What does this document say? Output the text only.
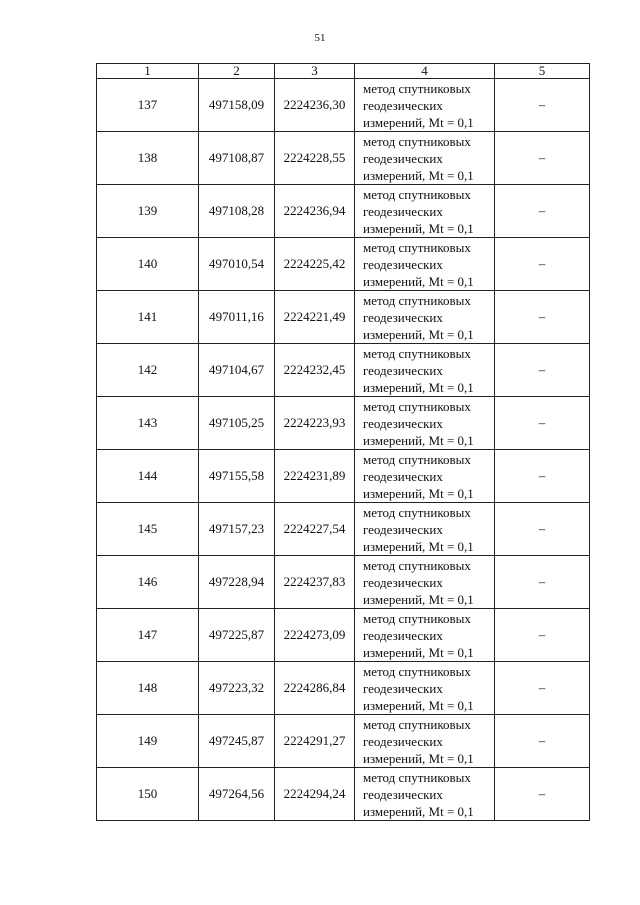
51
1	2	3	4	5
137	497158,09	2224236,30	метод спутниковых
геодезических
измерений, Mt = 0,1	–
138	497108,87	2224228,55	метод спутниковых
геодезических
измерений, Mt = 0,1	–
139	497108,28	2224236,94	метод спутниковых
геодезических
измерений, Mt = 0,1	–
140	497010,54	2224225,42	метод спутниковых
геодезических
измерений, Mt = 0,1	–
141	497011,16	2224221,49	метод спутниковых
геодезических
измерений, Mt = 0,1	–
142	497104,67	2224232,45	метод спутниковых
геодезических
измерений, Mt = 0,1	–
143	497105,25	2224223,93	метод спутниковых
геодезических
измерений, Mt = 0,1	–
144	497155,58	2224231,89	метод спутниковых
геодезических
измерений, Mt = 0,1	–
145	497157,23	2224227,54	метод спутниковых
геодезических
измерений, Mt = 0,1	–
146	497228,94	2224237,83	метод спутниковых
геодезических
измерений, Mt = 0,1	–
147	497225,87	2224273,09	метод спутниковых
геодезических
измерений, Mt = 0,1	–
148	497223,32	2224286,84	метод спутниковых
геодезических
измерений, Mt = 0,1	–
149	497245,87	2224291,27	метод спутниковых
геодезических
измерений, Mt = 0,1	–
150	497264,56	2224294,24	метод спутниковых
геодезических
измерений, Mt = 0,1	–
